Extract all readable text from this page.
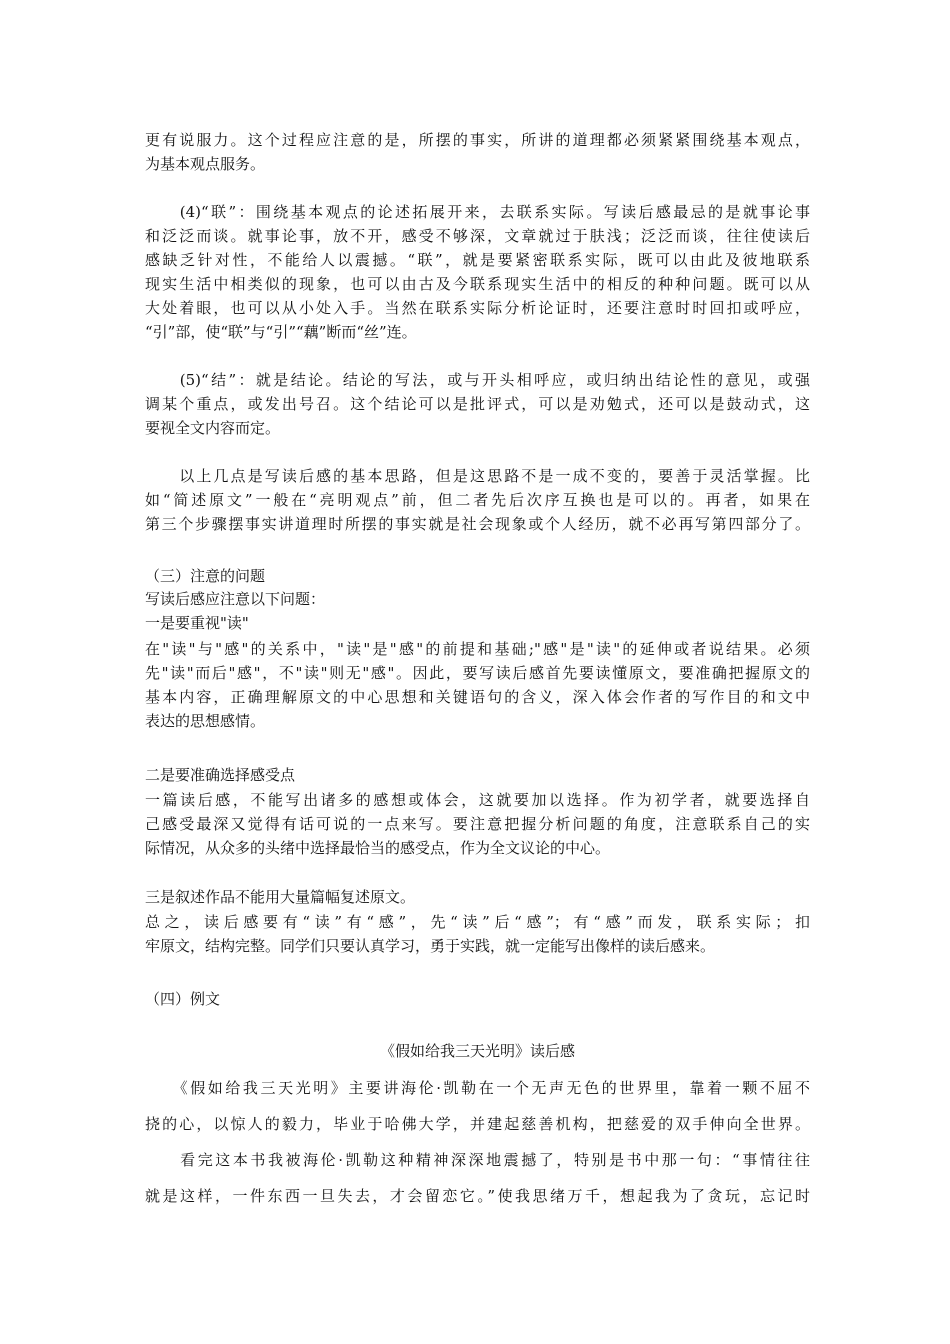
更有说服力。这个过程应注意的是，所摆的事实，所讲的道理都必须紧紧围绕基本观点，
为基本观点服务。
　　(4)“联”：围绕基本观点的论述拓展开来，去联系实际。写读后感最忌的是就事论事
和泛泛而谈。就事论事，放不开，感受不够深，文章就过于肤浅；泛泛而谈，往往使读后
感缺乏针对性，不能给人以震撼。“联”，就是要紧密联系实际，既可以由此及彼地联系
现实生活中相类似的现象，也可以由古及今联系现实生活中的相反的种种问题。既可以从
大处着眼，也可以从小处入手。当然在联系实际分析论证时，还要注意时时回扣或呼应，
“引”部，使“联”与“引”“藕”断而“丝”连。
　　(5)“结”：就是结论。结论的写法，或与开头相呼应，或归纳出结论性的意见，或强
调某个重点，或发出号召。这个结论可以是批评式，可以是劝勉式，还可以是鼓动式，这
要视全文内容而定。
　　以上几点是写读后感的基本思路，但是这思路不是一成不变的，要善于灵活掌握。比
如“简述原文”一般在“亮明观点”前，但二者先后次序互换也是可以的。再者，如果在
第三个步骤摆事实讲道理时所摆的事实就是社会现象或个人经历，就不必再写第四部分了。
（三）注意的问题
写读后感应注意以下问题：
一是要重视"读"
在"读"与"感"的关系中，"读"是"感"的前提和基础;"感"是"读"的延伸或者说结果。必须
先"读"而后"感"，不"读"则无"感"。因此，要写读后感首先要读懂原文，要准确把握原文的
基本内容，正确理解原文的中心思想和关键语句的含义，深入体会作者的写作目的和文中
表达的思想感情。
二是要准确选择感受点
一篇读后感，不能写出诸多的感想或体会，这就要加以选择。作为初学者，就要选择自
己感受最深又觉得有话可说的一点来写。要注意把握分析问题的角度，注意联系自己的实
际情况，从众多的头绪中选择最恰当的感受点，作为全文议论的中心。
三是叙述作品不能用大量篇幅复述原文。
总之，读后感要有“读”有“感”，先“读”后“感”；有“感”而发，联系实际；扣
牢原文，结构完整。同学们只要认真学习，勇于实践，就一定能写出像样的读后感来。
（四）例文
《假如给我三天光明》读后感
　　《假如给我三天光明》主要讲海伦·凯勒在一个无声无色的世界里，靠着一颗不屈不
挠的心，以惊人的毅力，毕业于哈佛大学，并建起慈善机构，把慈爱的双手伸向全世界。
　　看完这本书我被海伦·凯勒这种精神深深地震撼了，特别是书中那一句：“事情往往
就是这样，一件东西一旦失去，才会留恋它。”使我思绪万千，想起我为了贪玩，忘记时
